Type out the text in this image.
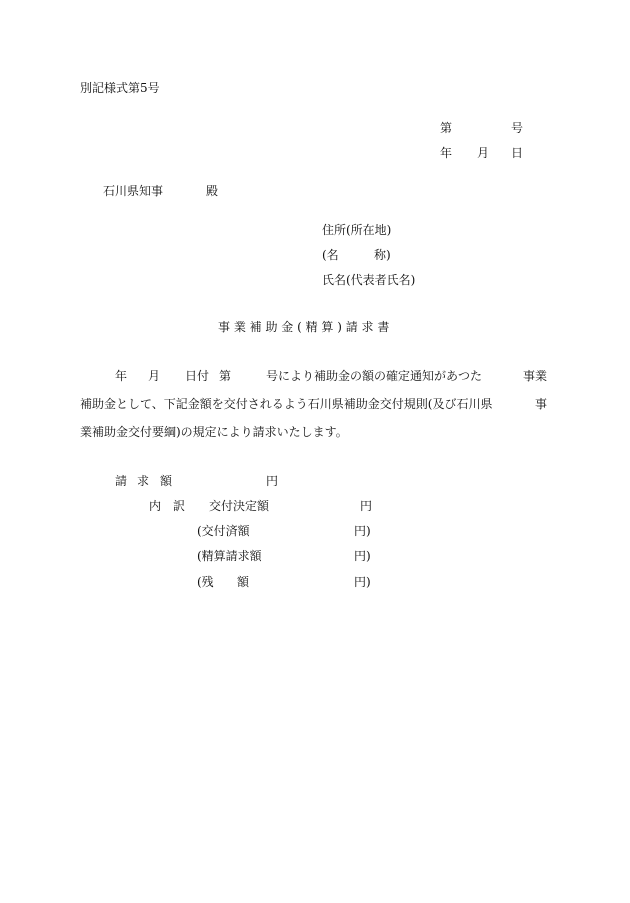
別記様式第5号
第	号
年 月 日
石川県知事	殿
住所(所在地)
(名	称)
氏名(代表者氏名)
事 業 補 助 金 ( 精 算 ) 請 求 書
年 月 日付 第	号により補助金の額の確定通知があつた	事業
補助金として、下記金額を交付されるよう石川県補助金交付規則(及び石川県	事
業補助金交付要綱)の規定により請求いたします。
請 求 額	円
内 訳 交付決定額	円
(交付済額	円)
(精算請求額	円)
(残 額	円)
